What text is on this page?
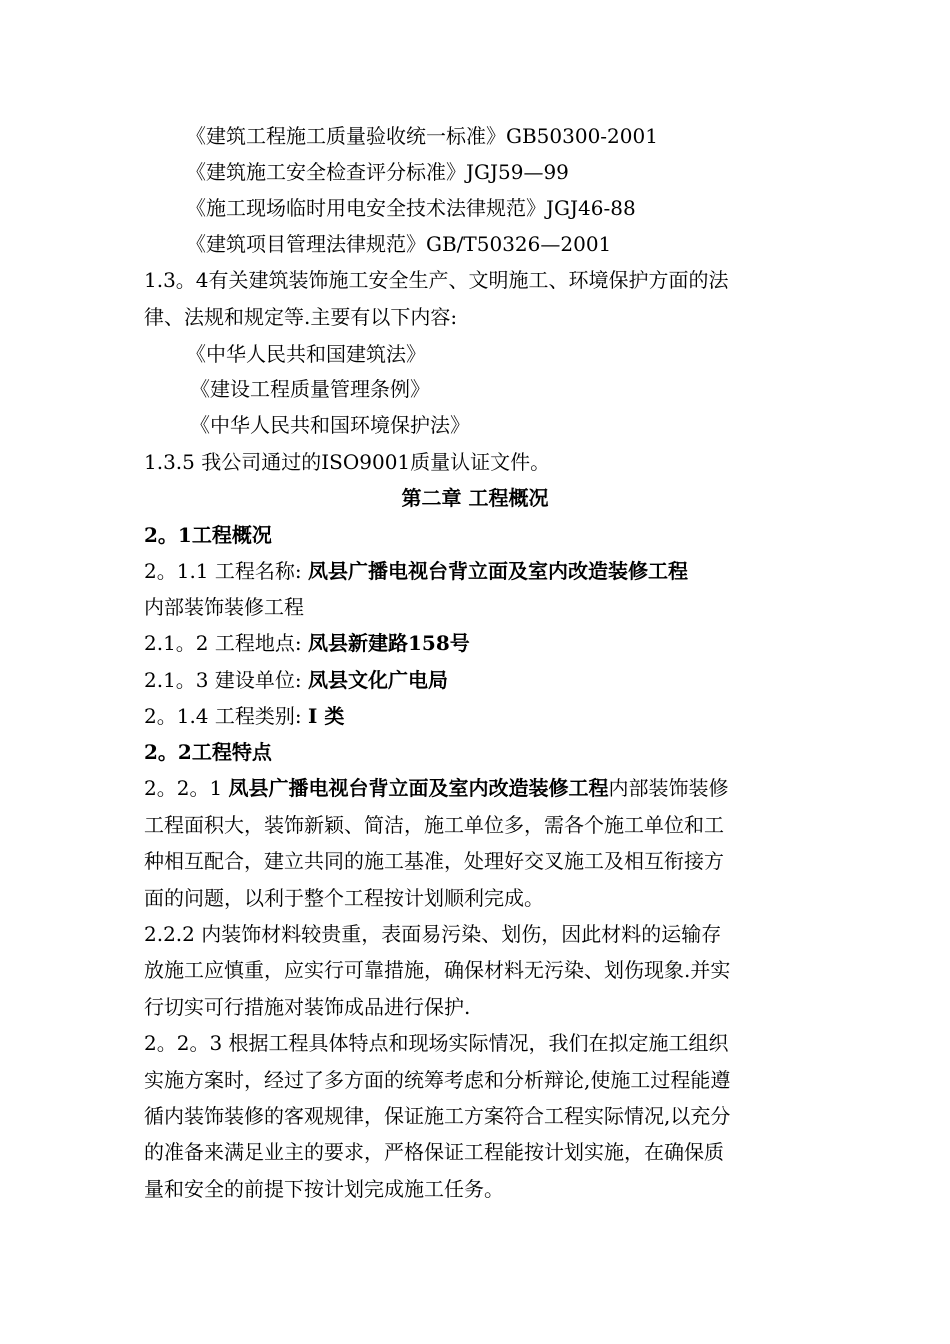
《建筑工程施工质量验收统一标准》GB50300-2001
《建筑施工安全检查评分标准》JGJ59—99
《施工现场临时用电安全技术法律规范》JGJ46-88
《建筑项目管理法律规范》GB/T50326—2001
1.3。4有关建筑装饰施工安全生产、文明施工、环境保护方面的法
律、法规和规定等.主要有以下内容:
《中华人民共和国建筑法》
《建设工程质量管理条例》
《中华人民共和国环境保护法》
1.3.5 我公司通过的ISO9001质量认证文件。
第二章 工程概况
2。1工程概况
2。1.1 工程名称: 凤县广播电视台背立面及室内改造装修工程
内部装饰装修工程
2.1。2 工程地点: 凤县新建路158号
2.1。3 建设单位: 凤县文化广电局
2。1.4 工程类别: I 类
2。2工程特点
2。2。1 凤县广播电视台背立面及室内改造装修工程内部装饰装修
工程面积大，装饰新颖、简洁，施工单位多，需各个施工单位和工
种相互配合，建立共同的施工基准，处理好交叉施工及相互衔接方
面的问题，以利于整个工程按计划顺利完成。
2.2.2 内装饰材料较贵重，表面易污染、划伤，因此材料的运输存
放施工应慎重，应实行可靠措施，确保材料无污染、划伤现象.并实
行切实可行措施对装饰成品进行保护.
2。2。3 根据工程具体特点和现场实际情况，我们在拟定施工组织
实施方案时，经过了多方面的统筹考虑和分析辩论,使施工过程能遵
循内装饰装修的客观规律，保证施工方案符合工程实际情况,以充分
的准备来满足业主的要求，严格保证工程能按计划实施，在确保质
量和安全的前提下按计划完成施工任务。
